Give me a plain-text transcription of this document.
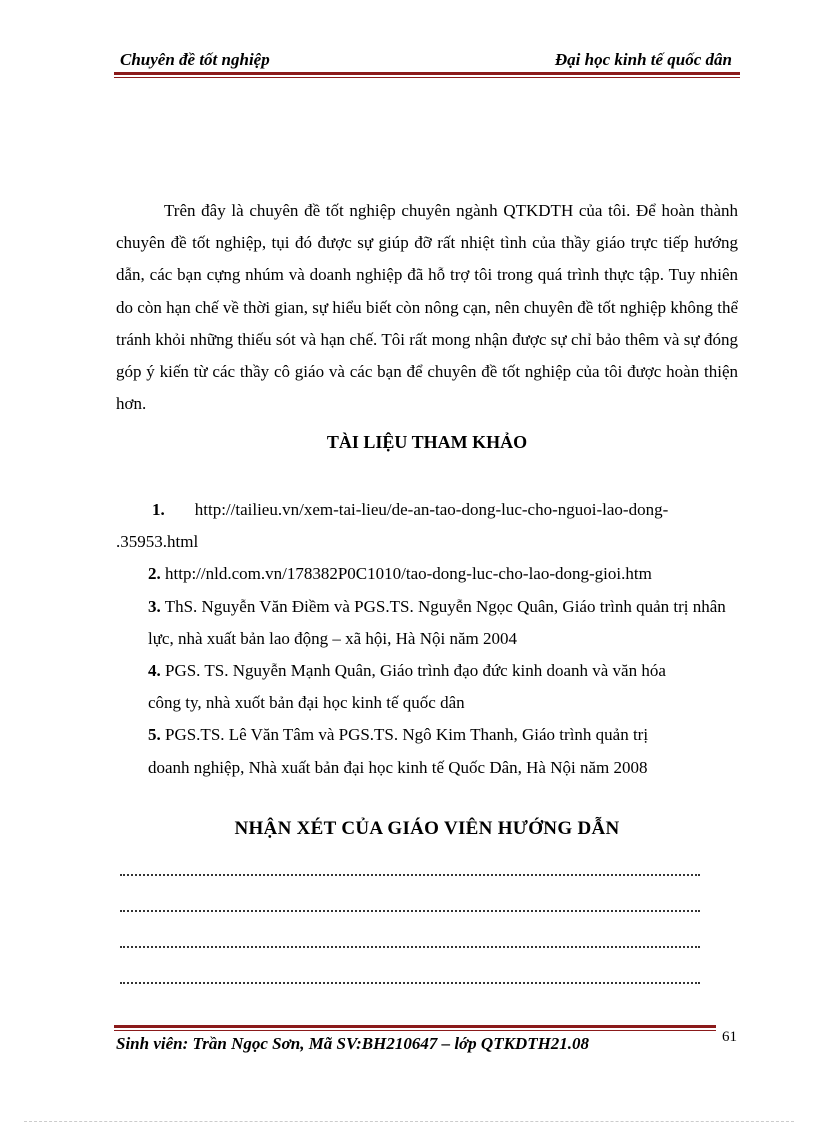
Chuyên đề tốt nghiệp	Đại học kinh tế quốc dân

Trên đây là chuyên đề tốt nghiệp chuyên ngành QTKDTH của tôi. Để hoàn thành chuyên đề tốt nghiệp, tụi đó được sự giúp đỡ rất nhiệt tình của thầy giáo trực tiếp hướng dẫn, các bạn cựng nhúm và doanh nghiệp đã hỗ trợ tôi trong quá trình thực tập. Tuy nhiên do còn hạn chế về thời gian, sự hiểu biết còn nông cạn, nên chuyên đề tốt nghiệp không thể tránh khỏi những thiếu sót và hạn chế. Tôi rất mong nhận được sự chỉ bảo thêm và sự đóng góp ý kiến từ các thầy cô giáo và các bạn để chuyên đề tốt nghiệp của tôi được hoàn thiện hơn.

TÀI LIỆU THAM KHẢO

1. http://tailieu.vn/xem-tai-lieu/de-an-tao-dong-luc-cho-nguoi-lao-dong-

.35953.html

2. http://nld.com.vn/178382P0C1010/tao-dong-luc-cho-lao-dong-gioi.htm

3. ThS. Nguyễn Văn Điềm và PGS.TS. Nguyễn Ngọc Quân, Giáo trình quản trị nhân

lực, nhà xuất bản lao động – xã hội, Hà Nội năm 2004

4. PGS. TS. Nguyễn Mạnh Quân, Giáo trình đạo đức kinh doanh và văn hóa

công ty, nhà xuốt bản đại học kinh tế quốc dân

5. PGS.TS. Lê Văn Tâm và PGS.TS. Ngô Kim Thanh, Giáo trình quản trị

doanh nghiệp, Nhà xuất bản đại học kinh tế Quốc Dân, Hà Nội năm 2008

NHẬN XÉT CỦA GIÁO VIÊN HƯỚNG DẪN
61
Sinh viên: Trần Ngọc Sơn, Mã SV:BH210647 – lớp QTKDTH21.08
